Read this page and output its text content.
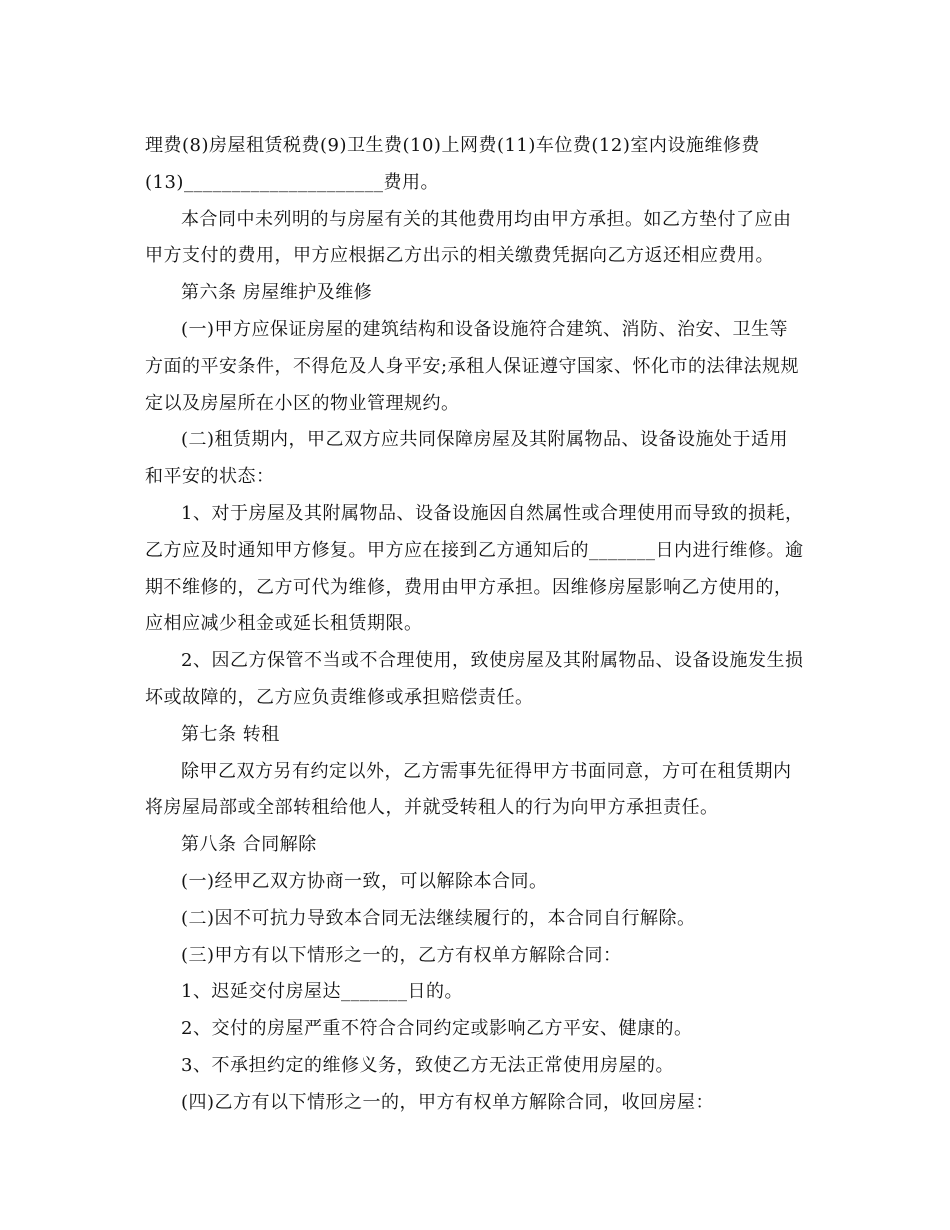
理费(8)房屋租赁税费(9)卫生费(10)上网费(11)车位费(12)室内设施维修费
(13)_____________________费用。
本合同中未列明的与房屋有关的其他费用均由甲方承担。如乙方垫付了应由
甲方支付的费用，甲方应根据乙方出示的相关缴费凭据向乙方返还相应费用。
第六条 房屋维护及维修
(一)甲方应保证房屋的建筑结构和设备设施符合建筑、消防、治安、卫生等
方面的平安条件，不得危及人身平安;承租人保证遵守国家、怀化市的法律法规规
定以及房屋所在小区的物业管理规约。
(二)租赁期内，甲乙双方应共同保障房屋及其附属物品、设备设施处于适用
和平安的状态：
1、对于房屋及其附属物品、设备设施因自然属性或合理使用而导致的损耗，
乙方应及时通知甲方修复。甲方应在接到乙方通知后的_______日内进行维修。逾
期不维修的，乙方可代为维修，费用由甲方承担。因维修房屋影响乙方使用的，
应相应减少租金或延长租赁期限。
2、因乙方保管不当或不合理使用，致使房屋及其附属物品、设备设施发生损
坏或故障的，乙方应负责维修或承担赔偿责任。
第七条 转租
除甲乙双方另有约定以外，乙方需事先征得甲方书面同意，方可在租赁期内
将房屋局部或全部转租给他人，并就受转租人的行为向甲方承担责任。
第八条 合同解除
(一)经甲乙双方协商一致，可以解除本合同。
(二)因不可抗力导致本合同无法继续履行的，本合同自行解除。
(三)甲方有以下情形之一的，乙方有权单方解除合同：
1、迟延交付房屋达_______日的。
2、交付的房屋严重不符合合同约定或影响乙方平安、健康的。
3、不承担约定的维修义务，致使乙方无法正常使用房屋的。
(四)乙方有以下情形之一的，甲方有权单方解除合同，收回房屋：
